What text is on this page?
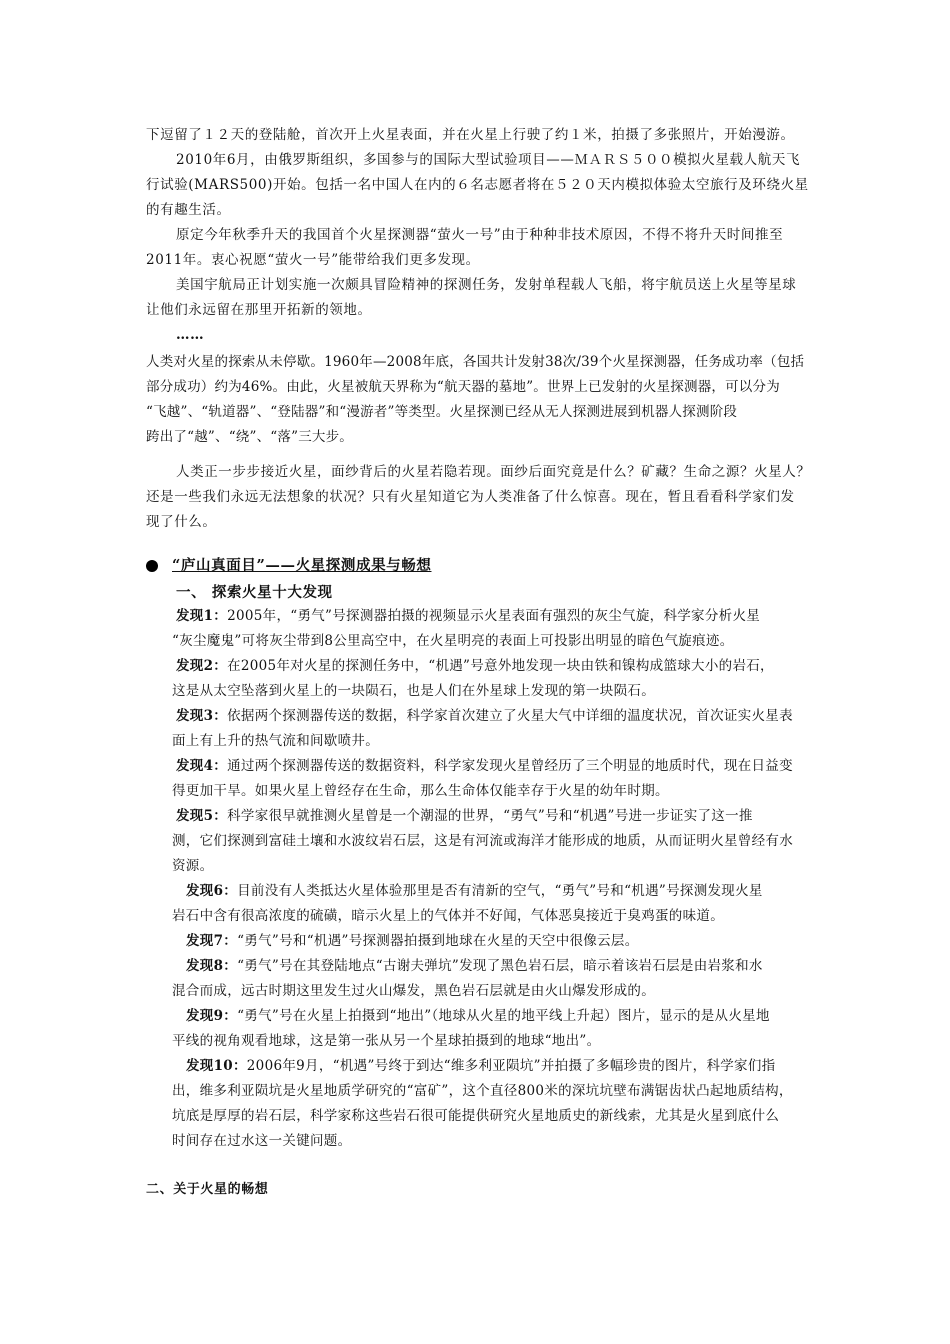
下逗留了１２天的登陆舱，首次开上火星表面，并在火星上行驶了约１米，拍摄了多张照片，开始漫游。
2010年6月，由俄罗斯组织，多国参与的国际大型试验项目——ＭＡＲＳ５００模拟火星载人航天飞
行试验(MARS500)开始。包括一名中国人在内的６名志愿者将在５２０天内模拟体验太空旅行及环绕火星
的有趣生活。
原定今年秋季升天的我国首个火星探测器“萤火一号”由于种种非技术原因，不得不将升天时间推至
2011年。衷心祝愿“萤火一号”能带给我们更多发现。
美国宇航局正计划实施一次颇具冒险精神的探测任务，发射单程载人飞船，将宇航员送上火星等星球
让他们永远留在那里开拓新的领地。
……
人类对火星的探索从未停歇。1960年—2008年底，各国共计发射38次/39个火星探测器，任务成功率（包括
部分成功）约为46%。由此，火星被航天界称为“航天器的墓地”。世界上已发射的火星探测器，可以分为
“飞越”、“轨道器”、“登陆器”和“漫游者”等类型。火星探测已经从无人探测进展到机器人探测阶段
跨出了“越”、“绕”、“落”三大步。
人类正一步步接近火星，面纱背后的火星若隐若现。面纱后面究竟是什么？矿藏？生命之源？火星人？
还是一些我们永远无法想象的状况？只有火星知道它为人类准备了什么惊喜。现在，暂且看看科学家们发
现了什么。
“庐山真面目”——火星探测成果与畅想
一、 探索火星十大发现
发现1：2005年，“勇气”号探测器拍摄的视频显示火星表面有强烈的灰尘气旋，科学家分析火星
“灰尘魔鬼”可将灰尘带到8公里高空中，在火星明亮的表面上可投影出明显的暗色气旋痕迹。
发现2：在2005年对火星的探测任务中，“机遇”号意外地发现一块由铁和镍构成篮球大小的岩石，
这是从太空坠落到火星上的一块陨石，也是人们在外星球上发现的第一块陨石。
发现3：依据两个探测器传送的数据，科学家首次建立了火星大气中详细的温度状况，首次证实火星表
面上有上升的热气流和间歇喷井。
发现4：通过两个探测器传送的数据资料，科学家发现火星曾经历了三个明显的地质时代，现在日益变
得更加干旱。如果火星上曾经存在生命，那么生命体仅能幸存于火星的幼年时期。
发现5：科学家很早就推测火星曾是一个潮湿的世界，“勇气”号和“机遇”号进一步证实了这一推
测，它们探测到富硅土壤和水波纹岩石层，这是有河流或海洋才能形成的地质，从而证明火星曾经有水
资源。
发现6：目前没有人类抵达火星体验那里是否有清新的空气，“勇气”号和“机遇”号探测发现火星
岩石中含有很高浓度的硫磺，暗示火星上的气体并不好闻，气体恶臭接近于臭鸡蛋的味道。
发现7：“勇气”号和“机遇”号探测器拍摄到地球在火星的天空中很像云层。
发现8：“勇气”号在其登陆地点“古谢夫弹坑”发现了黑色岩石层，暗示着该岩石层是由岩浆和水
混合而成，远古时期这里发生过火山爆发，黑色岩石层就是由火山爆发形成的。
发现9：“勇气”号在火星上拍摄到“地出”（地球从火星的地平线上升起）图片，显示的是从火星地
平线的视角观看地球，这是第一张从另一个星球拍摄到的地球“地出”。
发现10：2006年9月，“机遇”号终于到达“维多利亚陨坑”并拍摄了多幅珍贵的图片，科学家们指
出，维多利亚陨坑是火星地质学研究的“富矿”，这个直径800米的深坑坑壁布满锯齿状凸起地质结构，
坑底是厚厚的岩石层，科学家称这些岩石很可能提供研究火星地质史的新线索，尤其是火星到底什么
时间存在过水这一关键问题。
二、关于火星的畅想
